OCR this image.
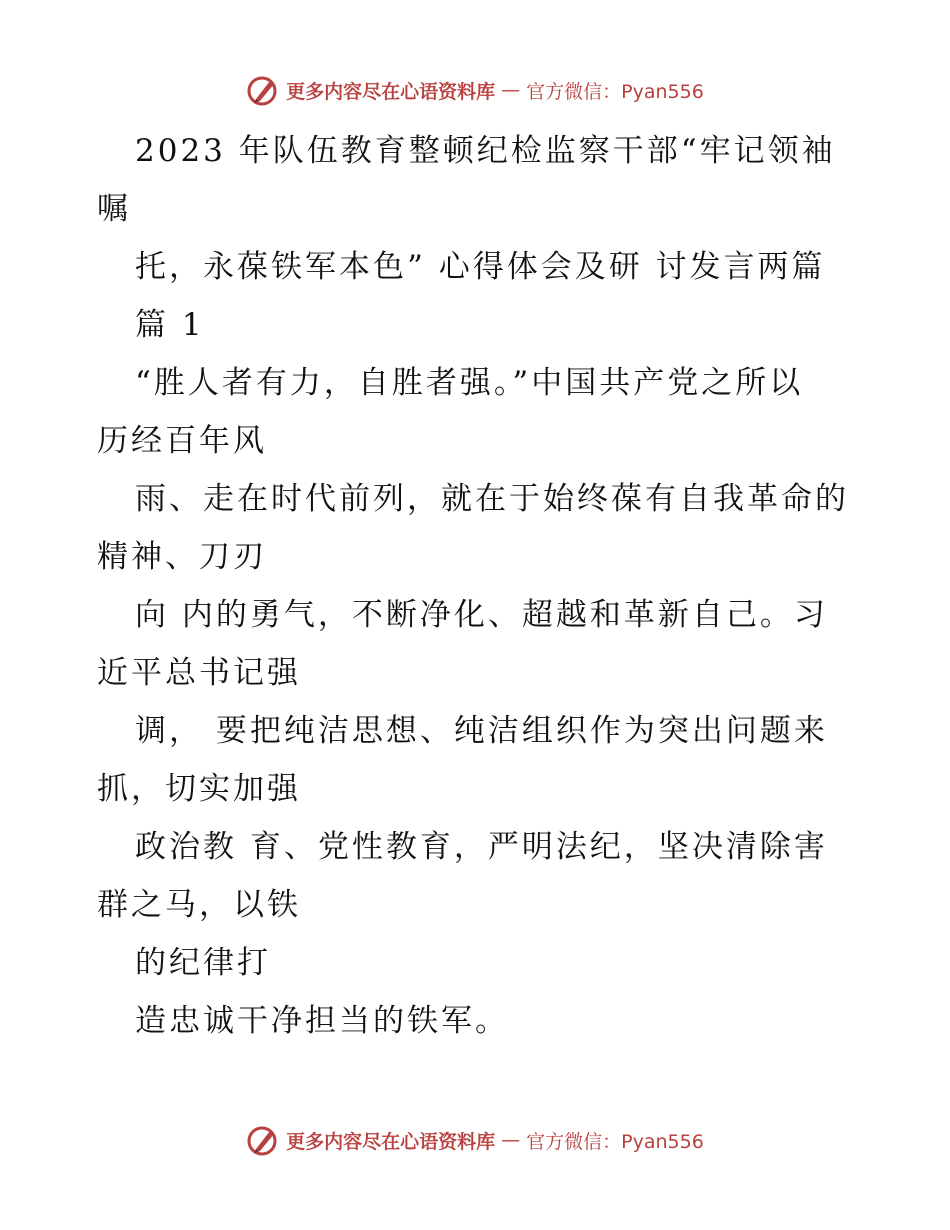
更多内容尽在心语资料库 — 官方微信：Pyan556
2023 年队伍教育整顿纪检监察干部“牢记领袖
嘱
托，永葆铁军本色” 心得体会及研 讨发言两篇
篇 1
“胜人者有力，自胜者强。”中国共产党之所以
历经百年风
雨、走在时代前列，就在于始终葆有自我革命的
精神、刀刃
向 内的勇气，不断净化、超越和革新自己。习
近平总书记强
调， 要把纯洁思想、纯洁组织作为突出问题来
抓，切实加强
政治教 育、党性教育，严明法纪，坚决清除害
群之马，以铁
的纪律打
造忠诚干净担当的铁军。
更多内容尽在心语资料库 — 官方微信：Pyan556
